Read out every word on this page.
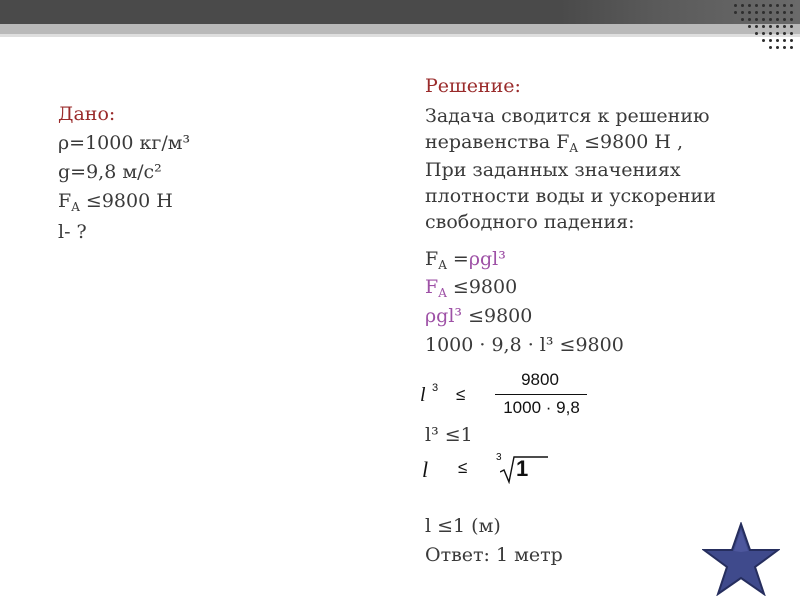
Дано:
ρ=1000 кг/м³
g=9,8 м/с²
$F_A \le 9800$ Н
l- ?
Решение:
Задача сводится к решению
неравенства $F_A \le 9800$ Н ,
При заданных значениях плотности воды и ускорении свободного падения:
$F_A =\rho gl^3$
$F_A \le 9800$
ρgl³ ≤9800
1000 · 9,8 · l³ ≤9800
l 3 ≤
9800
1000 · 9,8
l³ ≤1
l ≤
3 1
l ≤1 (м)
Ответ: 1 метр
